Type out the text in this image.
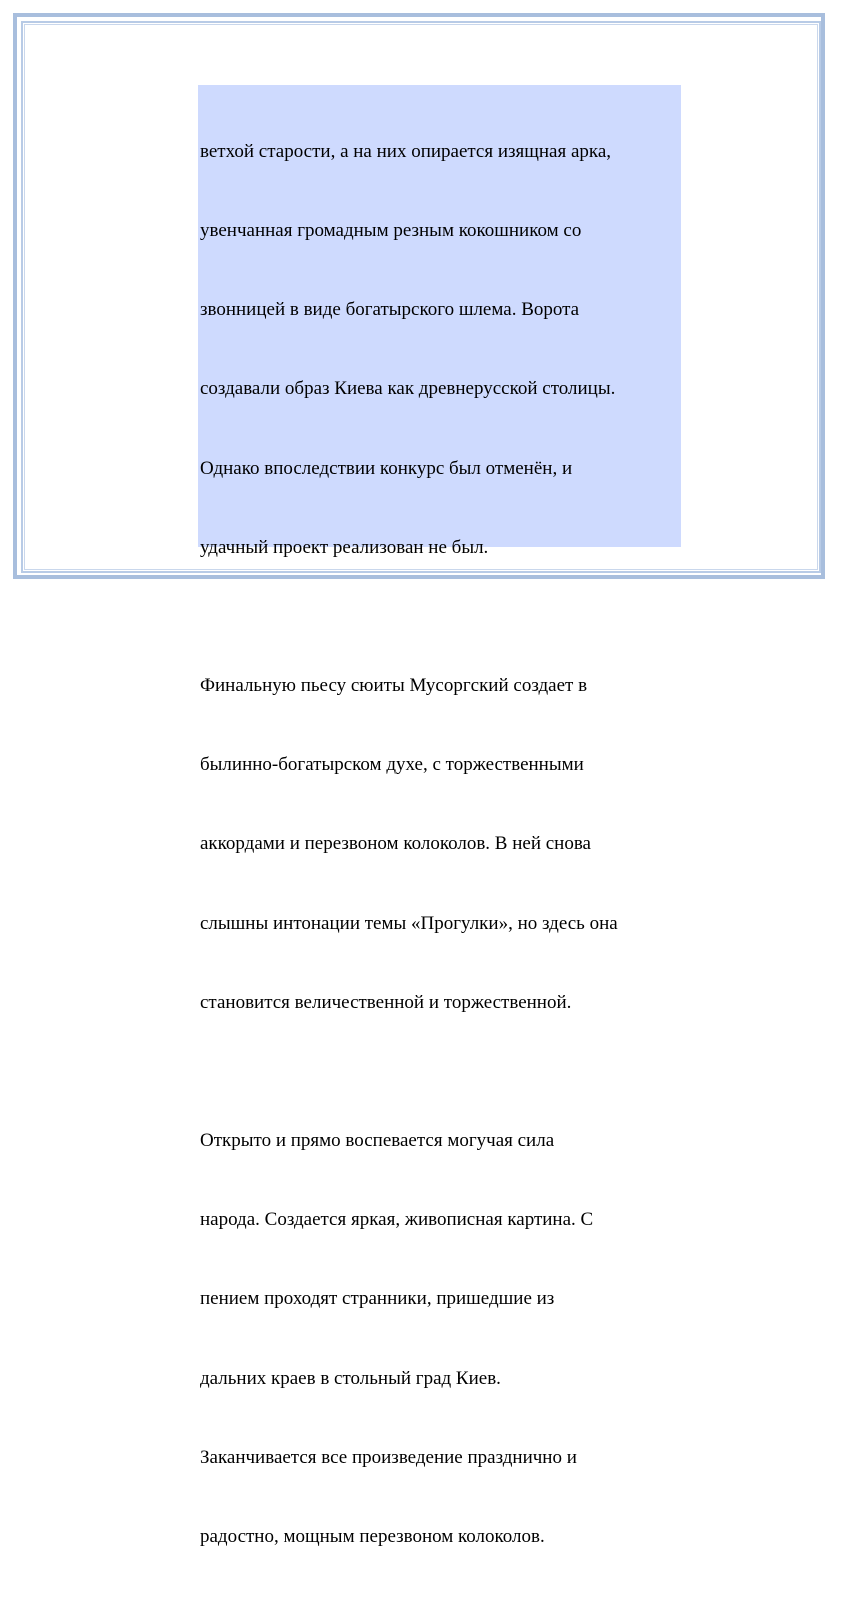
ветхой старости, а на них опирается изящная арка,

увенчанная громадным резным кокошником со

звонницей в виде богатырского шлема. Ворота

создавали образ Киева как древнерусской столицы.

Однако впоследствии конкурс был отменён, и

удачный проект реализован не был.

Финальную пьесу сюиты Мусоргский создает в

былинно-богатырском духе, с торжественными

аккордами и перезвоном колоколов. В ней снова

слышны интонации темы «Прогулки», но здесь она

становится величественной и торжественной.

Открыто и прямо воспевается могучая сила

народа. Создается яркая, живописная картина. С

пением проходят странники, пришедшие из

дальних краев в стольный град Киев.

Заканчивается все произведение празднично и

радостно, мощным перезвоном колоколов.
